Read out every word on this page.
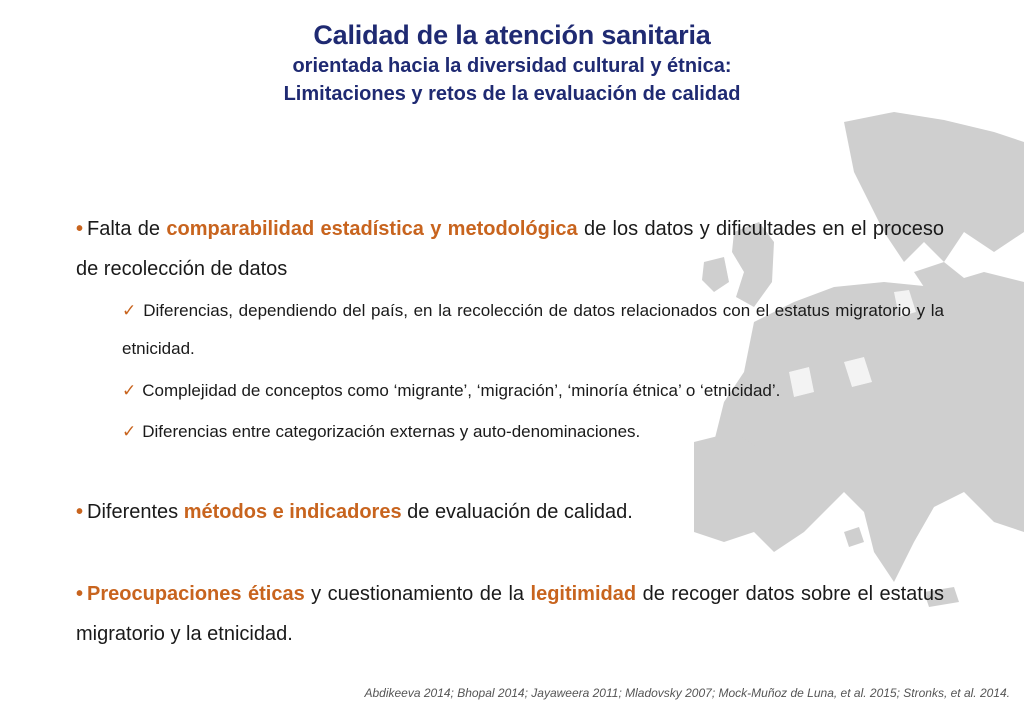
Calidad de la atención sanitaria
orientada hacia la diversidad cultural y étnica:
Limitaciones y retos de la evaluación de calidad
• Falta de comparabilidad estadística y metodológica de los datos y dificultades en el proceso de recolección de datos
✓ Diferencias, dependiendo del país, en la recolección de datos relacionados con el estatus migratorio y la etnicidad.
✓ Complejidad de conceptos como ‘migrante’, ‘migración’, ‘minoría étnica’ o ‘etnicidad’.
✓ Diferencias entre categorización externas y auto-denominaciones.
• Diferentes métodos e indicadores de evaluación de calidad.
• Preocupaciones éticas y cuestionamiento de la legitimidad de recoger datos sobre el estatus migratorio y la etnicidad.
Abdikeeva 2014; Bhopal 2014; Jayaweera 2011; Mladovsky 2007; Mock-Muñoz de Luna, et al. 2015; Stronks, et al. 2014.
